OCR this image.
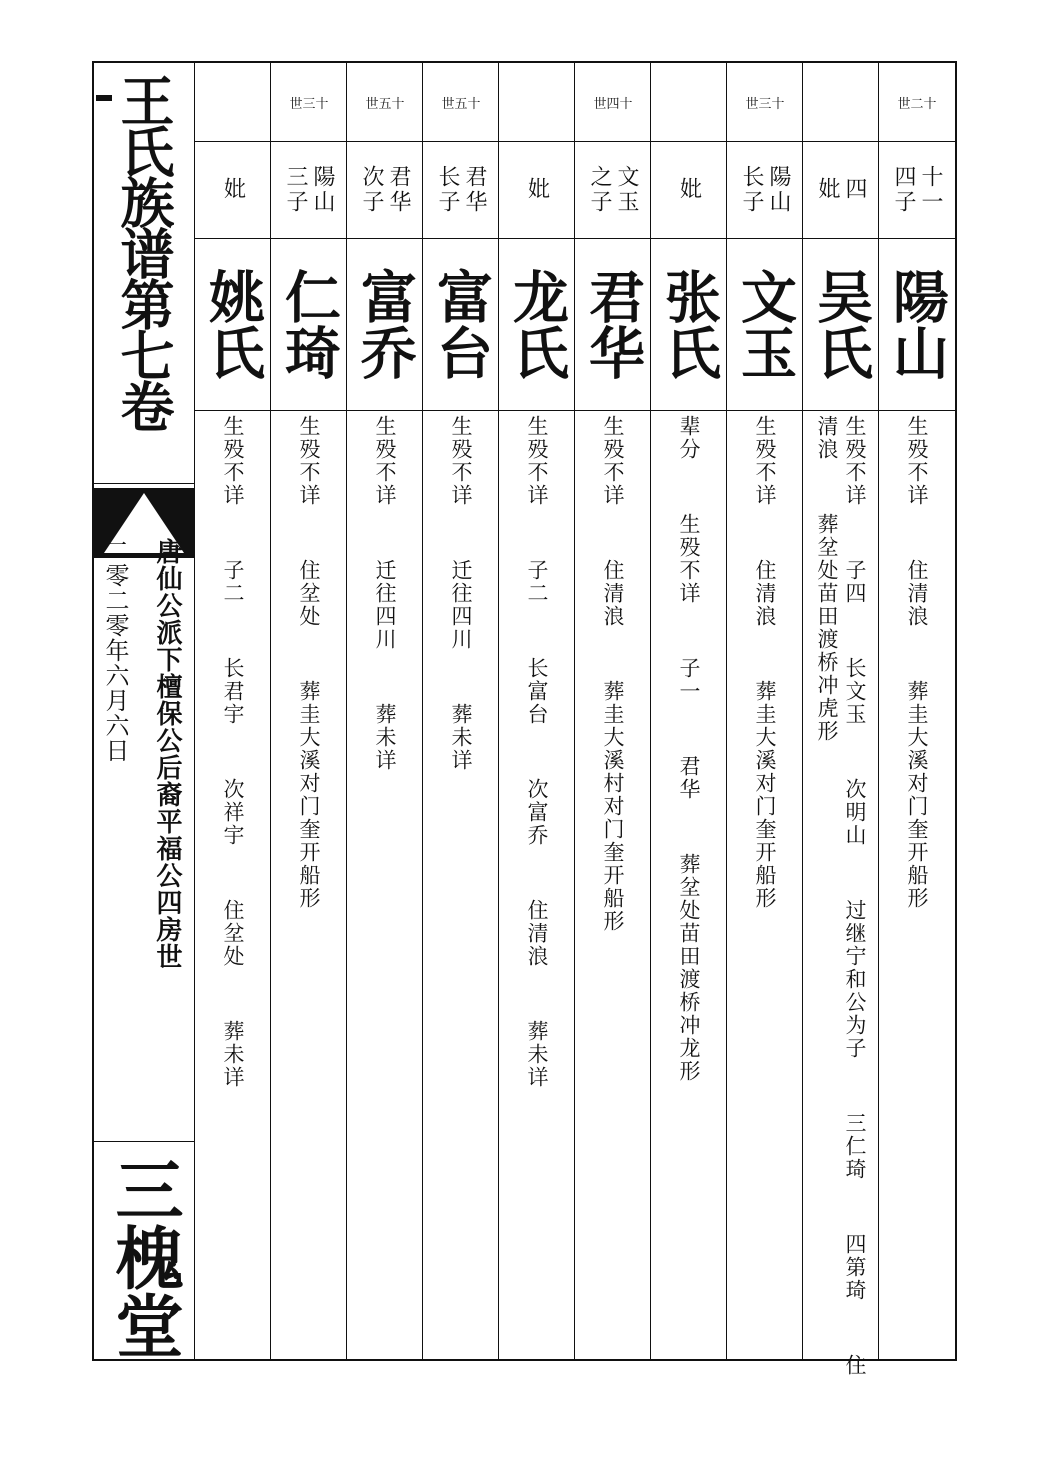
王氏族谱第七卷
唐仙公派下檀保公后裔平福公四房世
二零二零年六月六日
三槐堂
世二十
十一
四子
陽山
生殁不详  住清浪  葬圭大溪对门奎开船形
四
妣
吴氏
生殁不详  子四  长文玉  次明山  过继宁和公为子  三仁琦  四第琦  住
清浪  葬坌处苗田渡桥冲虎形
世三十
陽山
长子
文玉
生殁不详  住清浪  葬圭大溪对门奎开船形
妣
张氏
辈分  生殁不详  子一  君华  葬坌处苗田渡桥冲龙形
世四十
文玉
之子
君华
生殁不详  住清浪  葬圭大溪村对门奎开船形
妣
龙氏
生殁不详  子二  长富台  次富乔  住清浪  葬未详
世五十
君华
长子
富台
生殁不详  迁往四川  葬未详
世五十
君华
次子
富乔
生殁不详  迁往四川  葬未详
世三十
陽山
三子
仁琦
生殁不详  住坌处  葬圭大溪对门奎开船形
妣
姚氏
生殁不详  子二  长君宇  次祥宇  住坌处  葬未详
